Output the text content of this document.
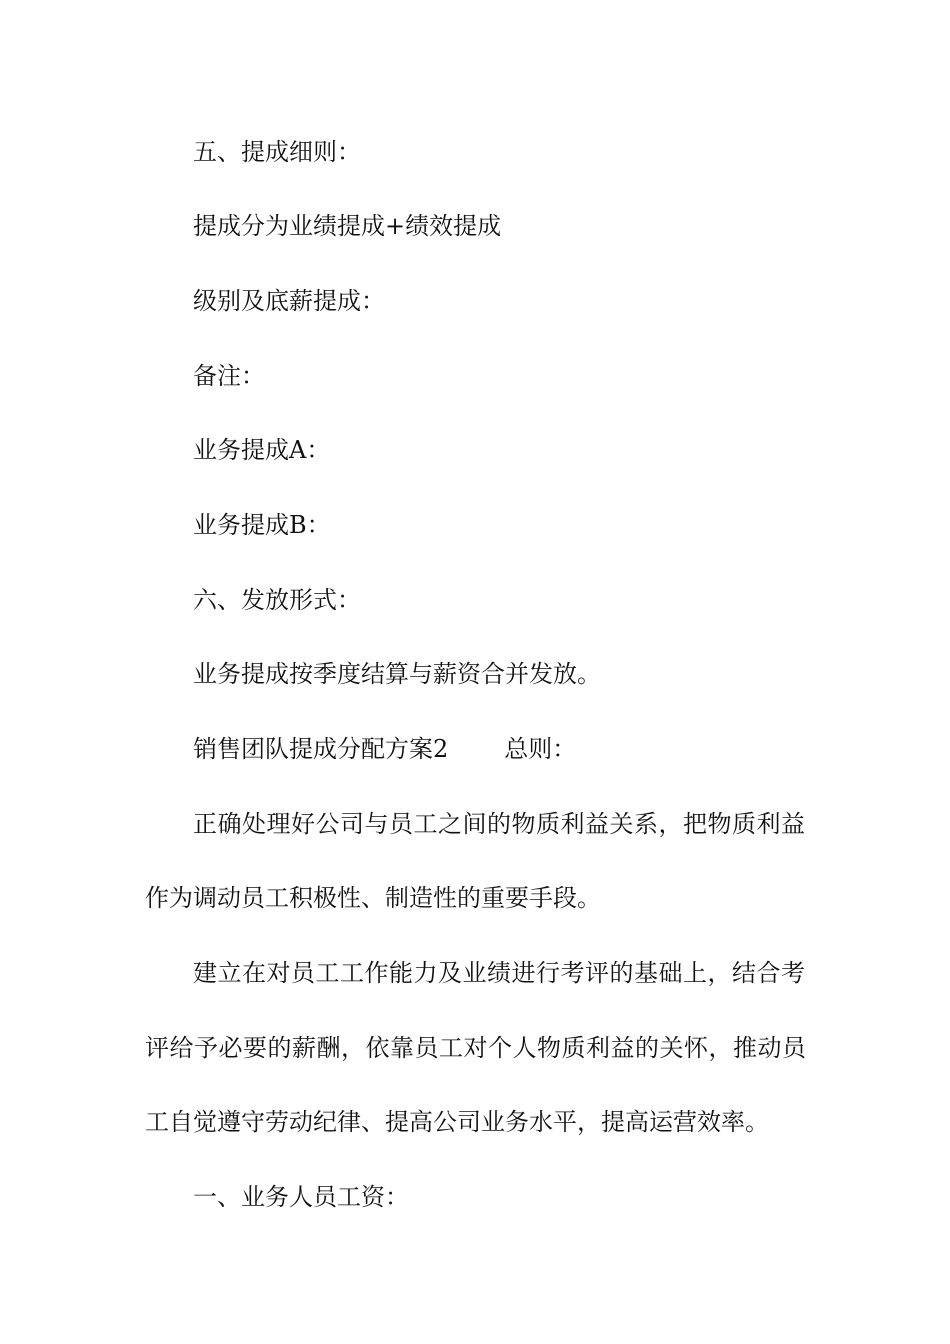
五、提成细则：
提成分为业绩提成+绩效提成
级别及底薪提成：
备注：
业务提成A：
业务提成B：
六、发放形式：
业务提成按季度结算与薪资合并发放。
销售团队提成分配方案2 总则：
正确处理好公司与员工之间的物质利益关系，把物质利益
作为调动员工积极性、制造性的重要手段。
建立在对员工工作能力及业绩进行考评的基础上，结合考
评给予必要的薪酬，依靠员工对个人物质利益的关怀，推动员
工自觉遵守劳动纪律、提高公司业务水平，提高运营效率。
一、业务人员工资：
